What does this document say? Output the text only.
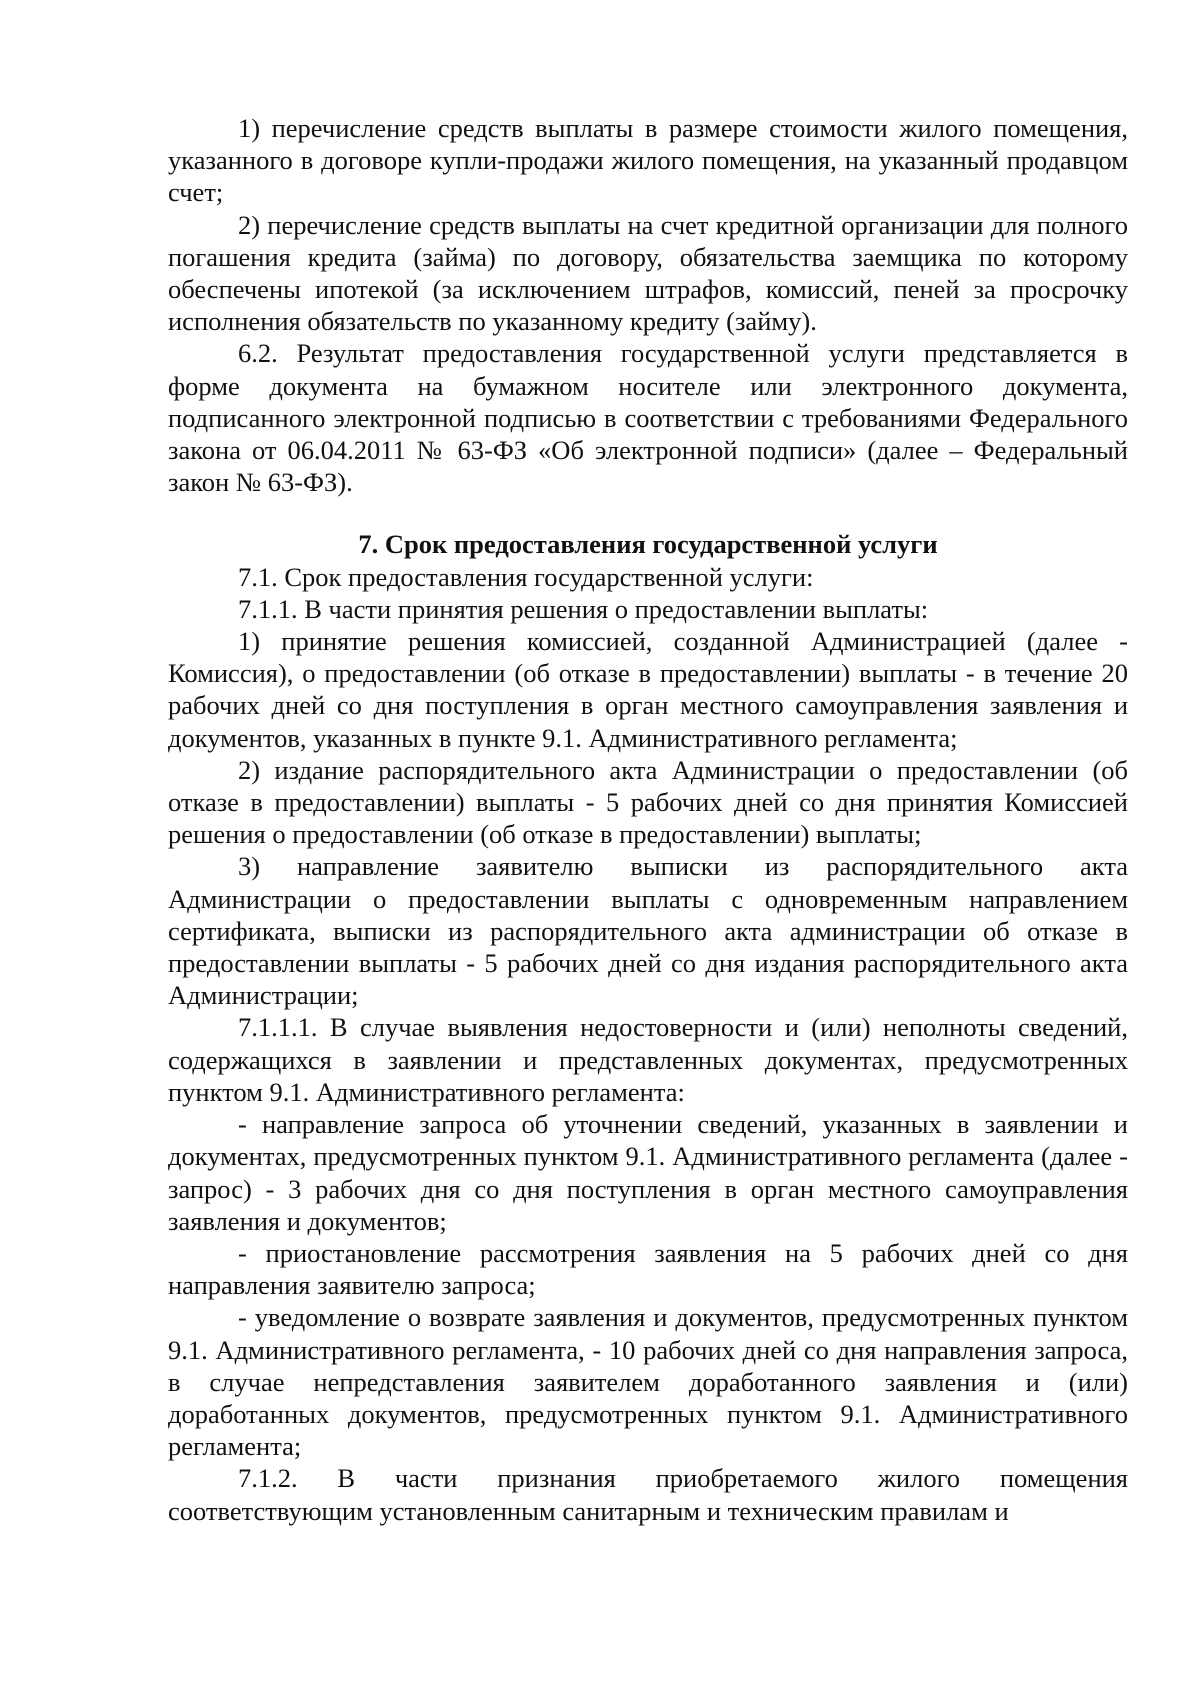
1) перечисление средств выплаты в размере стоимости жилого помещения, указанного в договоре купли-продажи жилого помещения, на указанный продавцом счет;

2) перечисление средств выплаты на счет кредитной организации для полного погашения кредита (займа) по договору, обязательства заемщика по которому обеспечены ипотекой (за исключением штрафов, комиссий, пеней за просрочку исполнения обязательств по указанному кредиту (займу).

6.2. Результат предоставления государственной услуги представляется в форме документа на бумажном носителе или электронного документа, подписанного электронной подписью в соответствии с требованиями Федерального закона от 06.04.2011 № 63-ФЗ «Об электронной подписи» (далее – Федеральный закон № 63-ФЗ).

7. Срок предоставления государственной услуги

7.1. Срок предоставления государственной услуги:

7.1.1. В части принятия решения о предоставлении выплаты:

1) принятие решения комиссией, созданной Администрацией (далее - Комиссия), о предоставлении (об отказе в предоставлении) выплаты - в течение 20 рабочих дней со дня поступления в орган местного самоуправления заявления и документов, указанных в пункте 9.1. Административного регламента;

2) издание распорядительного акта Администрации о предоставлении (об отказе в предоставлении) выплаты - 5 рабочих дней со дня принятия Комиссией решения о предоставлении (об отказе в предоставлении) выплаты;

3) направление заявителю выписки из распорядительного акта Администрации о предоставлении выплаты с одновременным направлением сертификата, выписки из распорядительного акта администрации об отказе в предоставлении выплаты - 5 рабочих дней со дня издания распорядительного акта Администрации;

7.1.1.1. В случае выявления недостоверности и (или) неполноты сведений, содержащихся в заявлении и представленных документах, предусмотренных пунктом 9.1. Административного регламента:

- направление запроса об уточнении сведений, указанных в заявлении и документах, предусмотренных пунктом 9.1. Административного регламента (далее - запрос) - 3 рабочих дня со дня поступления в орган местного самоуправления заявления и документов;

- приостановление рассмотрения заявления на 5 рабочих дней со дня направления заявителю запроса;

- уведомление о возврате заявления и документов, предусмотренных пунктом 9.1. Административного регламента, - 10 рабочих дней со дня направления запроса, в случае непредставления заявителем доработанного заявления и (или) доработанных документов, предусмотренных пунктом 9.1. Административного регламента;

7.1.2. В части признания приобретаемого жилого помещения соответствующим установленным санитарным и техническим правилам и
